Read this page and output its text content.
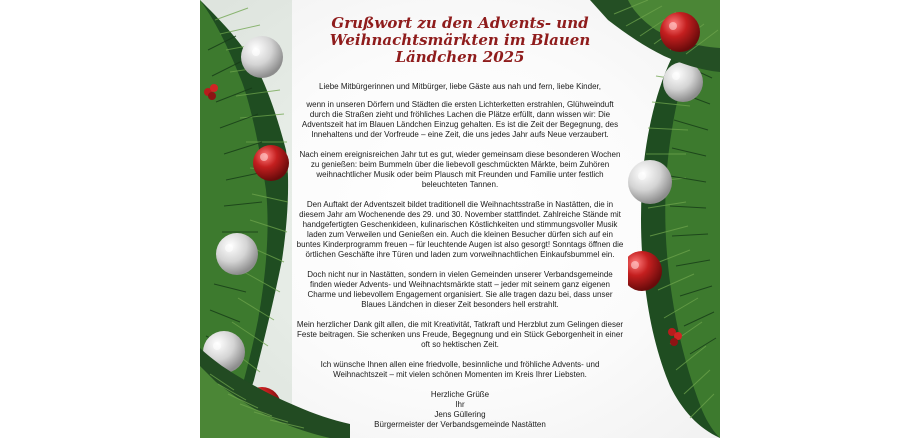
Grußwort zu den Advents- und
Weihnachtsmärkten im Blauen Ländchen 2025

Liebe Mitbürgerinnen und Mitbürger, liebe Gäste aus nah und fern, liebe Kinder,

wenn in unseren Dörfern und Städten die ersten Lichterketten erstrahlen, Glühweinduft durch die Straßen zieht und fröhliches Lachen die Plätze erfüllt, dann wissen wir: Die Adventszeit hat im Blauen Ländchen Einzug gehalten. Es ist die Zeit der Begegnung, des Innehaltens und der Vorfreude – eine Zeit, die uns jedes Jahr aufs Neue verzaubert.

Nach einem ereignisreichen Jahr tut es gut, wieder gemeinsam diese besonderen Wochen zu genießen: beim Bummeln über die liebevoll geschmückten Märkte, beim Zuhören weihnachtlicher Musik oder beim Plausch mit Freunden und Familie unter festlich beleuchteten Tannen.

Den Auftakt der Adventszeit bildet traditionell die Weihnachtsstraße in Nastätten, die in diesem Jahr am Wochenende des 29. und 30. November stattfindet. Zahlreiche Stände mit handgefertigten Geschenkideen, kulinarischen Köstlichkeiten und stimmungsvoller Musik laden zum Verweilen und Genießen ein. Auch die kleinen Besucher dürfen sich auf ein buntes Kinderprogramm freuen – für leuchtende Augen ist also gesorgt! Sonntags öffnen die örtlichen Geschäfte ihre Türen und laden zum vorweihnachtlichen Einkaufsbummel ein.

Doch nicht nur in Nastätten, sondern in vielen Gemeinden unserer Verbandsgemeinde finden wieder Advents- und Weihnachtsmärkte statt – jeder mit seinem ganz eigenen Charme und liebevollem Engagement organisiert. Sie alle tragen dazu bei, dass unser Blaues Ländchen in dieser Zeit besonders hell erstrahlt.

Mein herzlicher Dank gilt allen, die mit Kreativität, Tatkraft und Herzblut zum Gelingen dieser Feste beitragen. Sie schenken uns Freude, Begegnung und ein Stück Geborgenheit in einer oft so hektischen Zeit.

Ich wünsche Ihnen allen eine friedvolle, besinnliche und fröhliche Advents- und Weihnachtszeit – mit vielen schönen Momenten im Kreis Ihrer Liebsten.

Herzliche Grüße

Ihr

Jens Güllering

Bürgermeister der Verbandsgemeinde Nastätten
